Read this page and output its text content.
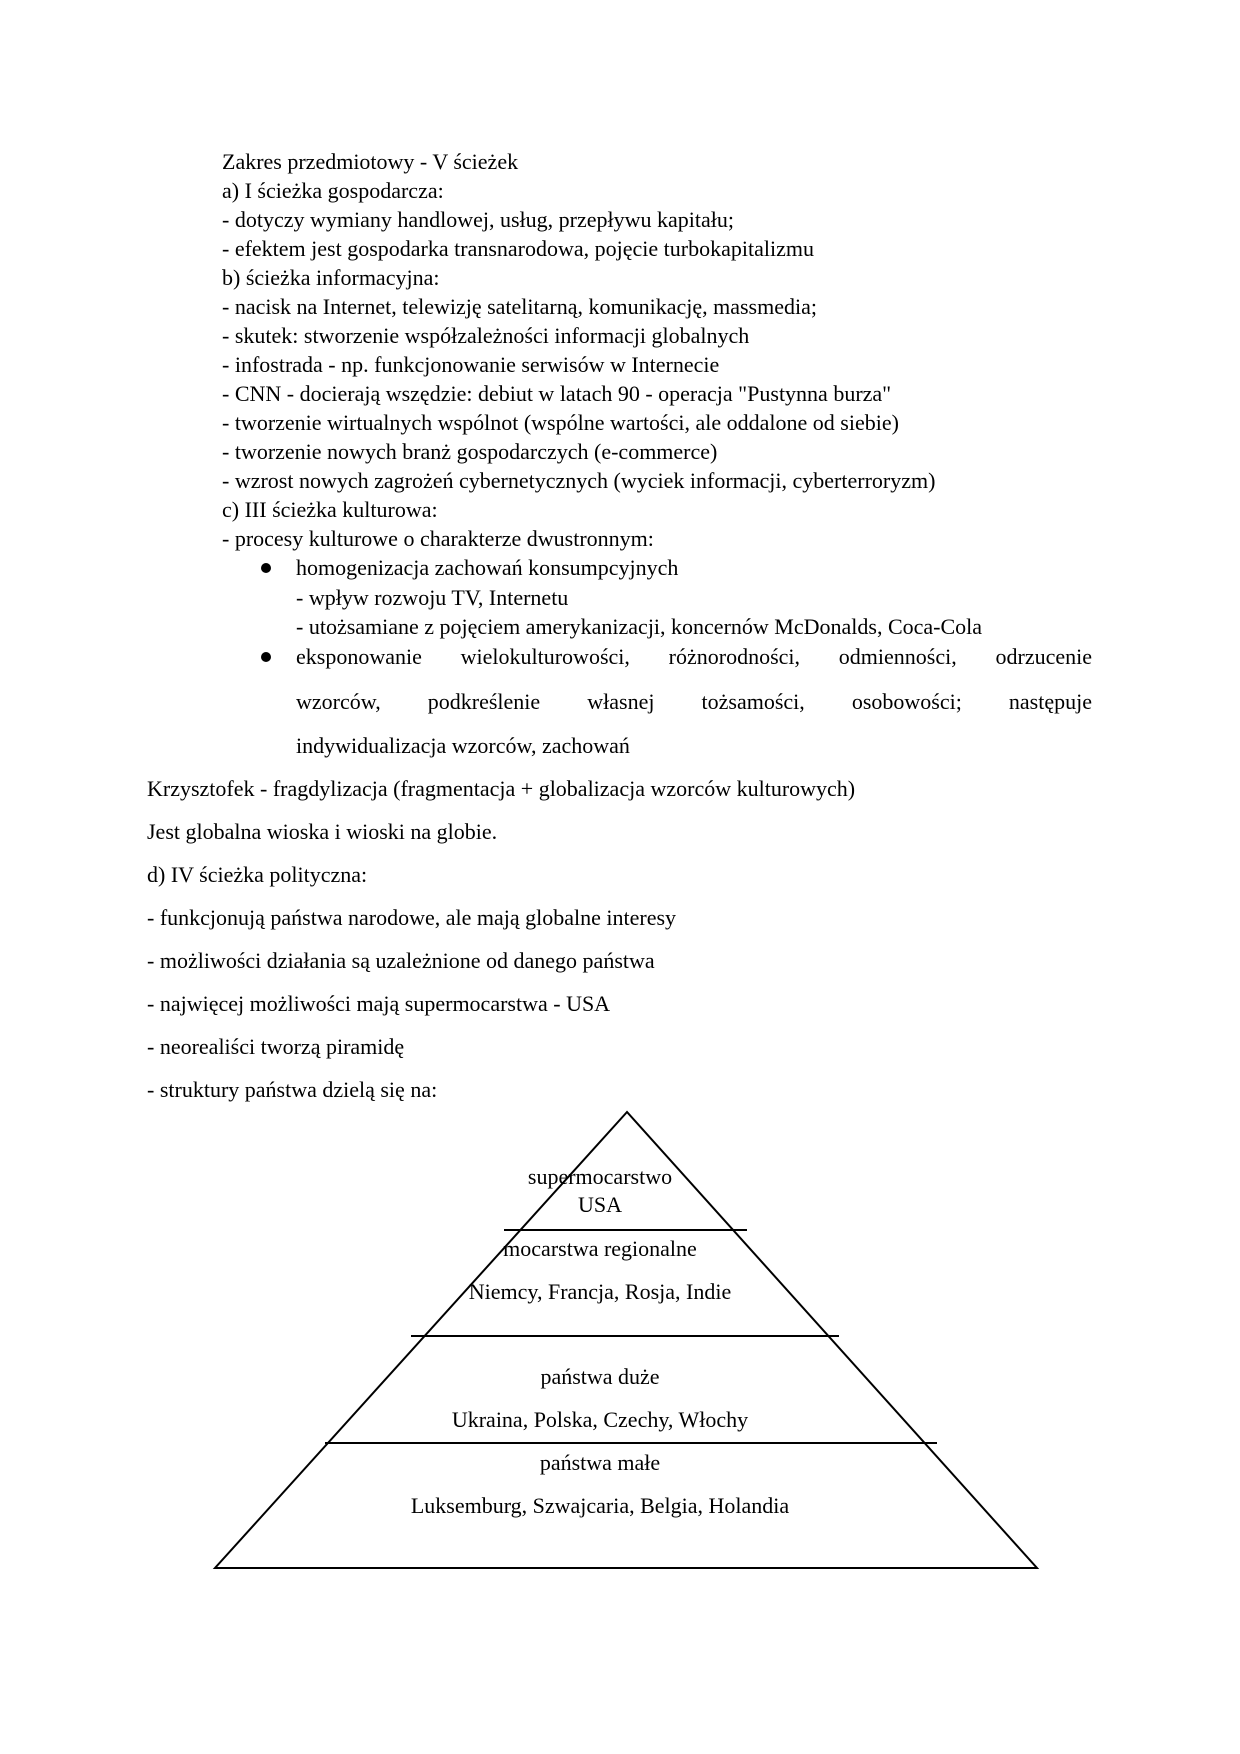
Zakres przedmiotowy - V ścieżek
a) I ścieżka gospodarcza:
- dotyczy wymiany handlowej, usług, przepływu kapitału;
- efektem jest gospodarka transnarodowa, pojęcie turbokapitalizmu
b) ścieżka informacyjna:
- nacisk na Internet, telewizję satelitarną, komunikację, massmedia;
- skutek: stworzenie współzależności informacji globalnych
- infostrada - np. funkcjonowanie serwisów w Internecie
- CNN - docierają wszędzie: debiut w latach 90 - operacja "Pustynna burza"
- tworzenie wirtualnych wspólnot (wspólne wartości, ale oddalone od siebie)
- tworzenie nowych branż gospodarczych (e-commerce)
- wzrost nowych zagrożeń cybernetycznych (wyciek informacji, cyberterroryzm)
c) III ścieżka kulturowa:
- procesy kulturowe o charakterze dwustronnym:
homogenizacja zachowań konsumpcyjnych
- wpływ rozwoju TV, Internetu
- utożsamiane z pojęciem amerykanizacji, koncernów McDonalds, Coca-Cola
eksponowanie wielokulturowości, różnorodności, odmienności, odrzucenie
wzorców, podkreślenie własnej tożsamości, osobowości; następuje
indywidualizacja wzorców, zachowań
Krzysztofek - fragdylizacja (fragmentacja + globalizacja wzorców kulturowych)
Jest globalna wioska i wioski na globie.
d) IV ścieżka polityczna:
- funkcjonują państwa narodowe, ale mają globalne interesy
- możliwości działania są uzależnione od danego państwa
- najwięcej możliwości mają supermocarstwa - USA
- neorealiści tworzą piramidę
- struktury państwa dzielą się na:
supermocarstwo
USA
mocarstwa regionalne
Niemcy, Francja, Rosja, Indie
państwa duże
Ukraina, Polska, Czechy, Włochy
państwa małe
Luksemburg, Szwajcaria, Belgia, Holandia
